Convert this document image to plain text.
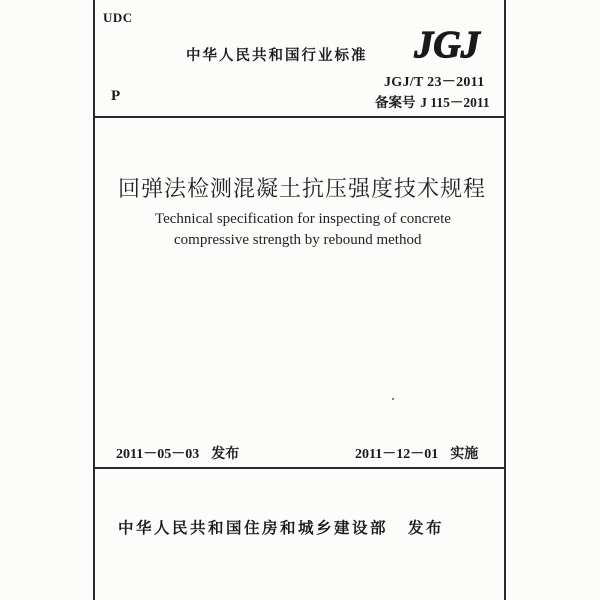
UDC
P
中华人民共和国行业标准 JGJ
JGJ/T 23－2011
备案号 J 115－2011
回弹法检测混凝土抗压强度技术规程
Technical specification for inspecting of concrete
compressive strength by rebound method
2011－05－03 发布	2011－12－01 实施
中华人民共和国住房和城乡建设部 发布
